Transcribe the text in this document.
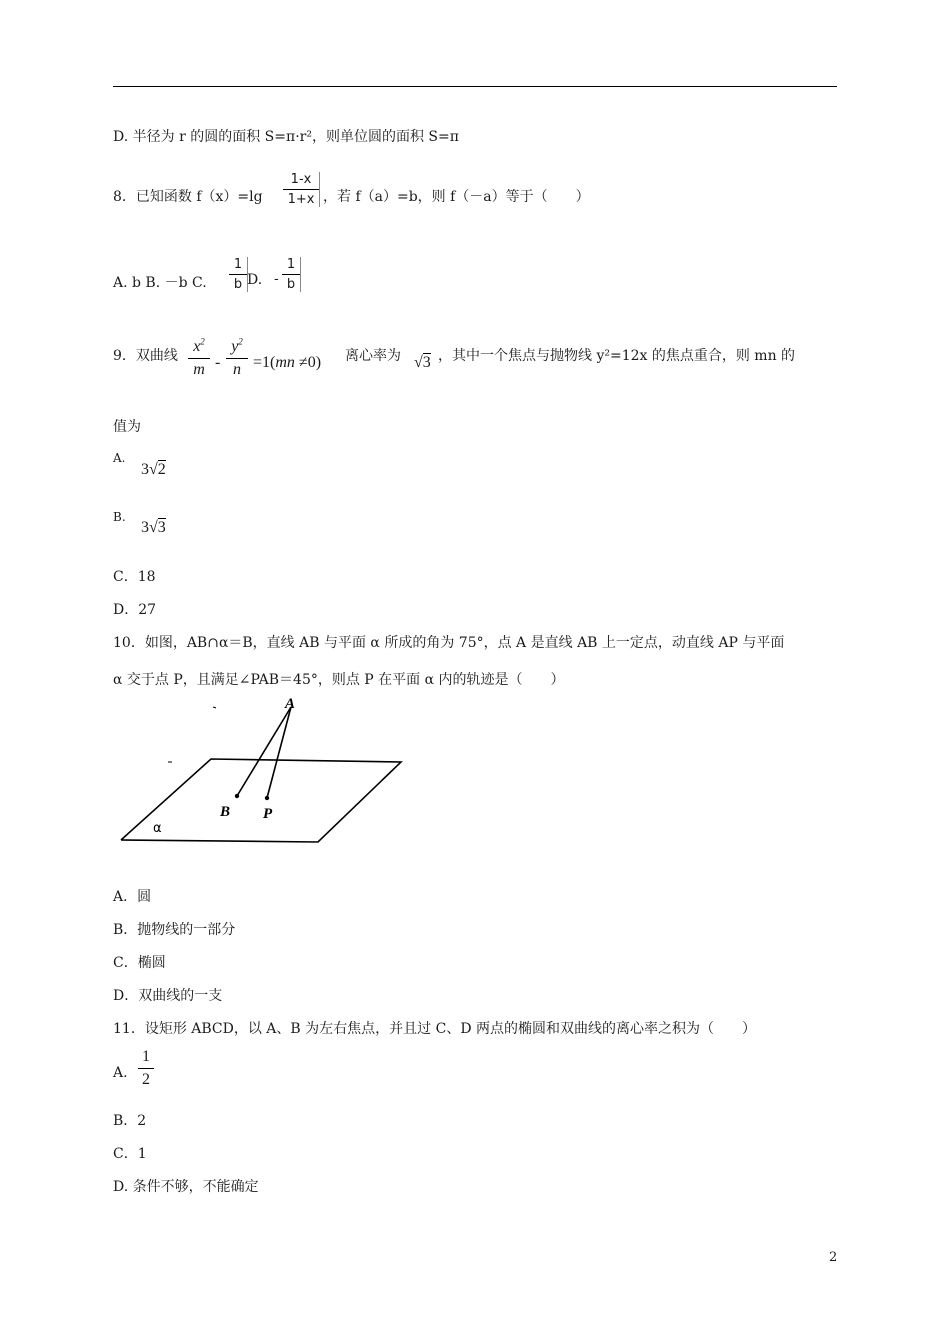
D. 半径为 r 的圆的面积 S=π·r²，则单位圆的面积 S=π
8．已知函数 f（x）=lg
1-x
1+x ，若 f（a）=b，则 f（－a）等于（　　）
A. b B. －b C.
1
b D. -
1
b
9．双曲线
$x^2$
m -
$y^2$
n =1(mn ≠0) 离心率为 √3 ，其中一个焦点与抛物线 y²=12x 的焦点重合，则 mn 的
值为
A.
3√2
B.
3√3
C．18
D．27
10．如图，AB∩α＝B，直线 AB 与平面 α 所成的角为 75°，点 A 是直线 AB 上一定点，动直线 AP 与平面
α 交于点 P，且满足∠PAB＝45°，则点 P 在平面 α 内的轨迹是（　　）
A
B P
α
A．圆
B．抛物线的一部分
C．椭圆
D．双曲线的一支
11．设矩形 ABCD，以 A、B 为左右焦点，并且过 C、D 两点的椭圆和双曲线的离心率之积为（　　）
A.
1
2
B．2
C．1
D. 条件不够，不能确定
2
